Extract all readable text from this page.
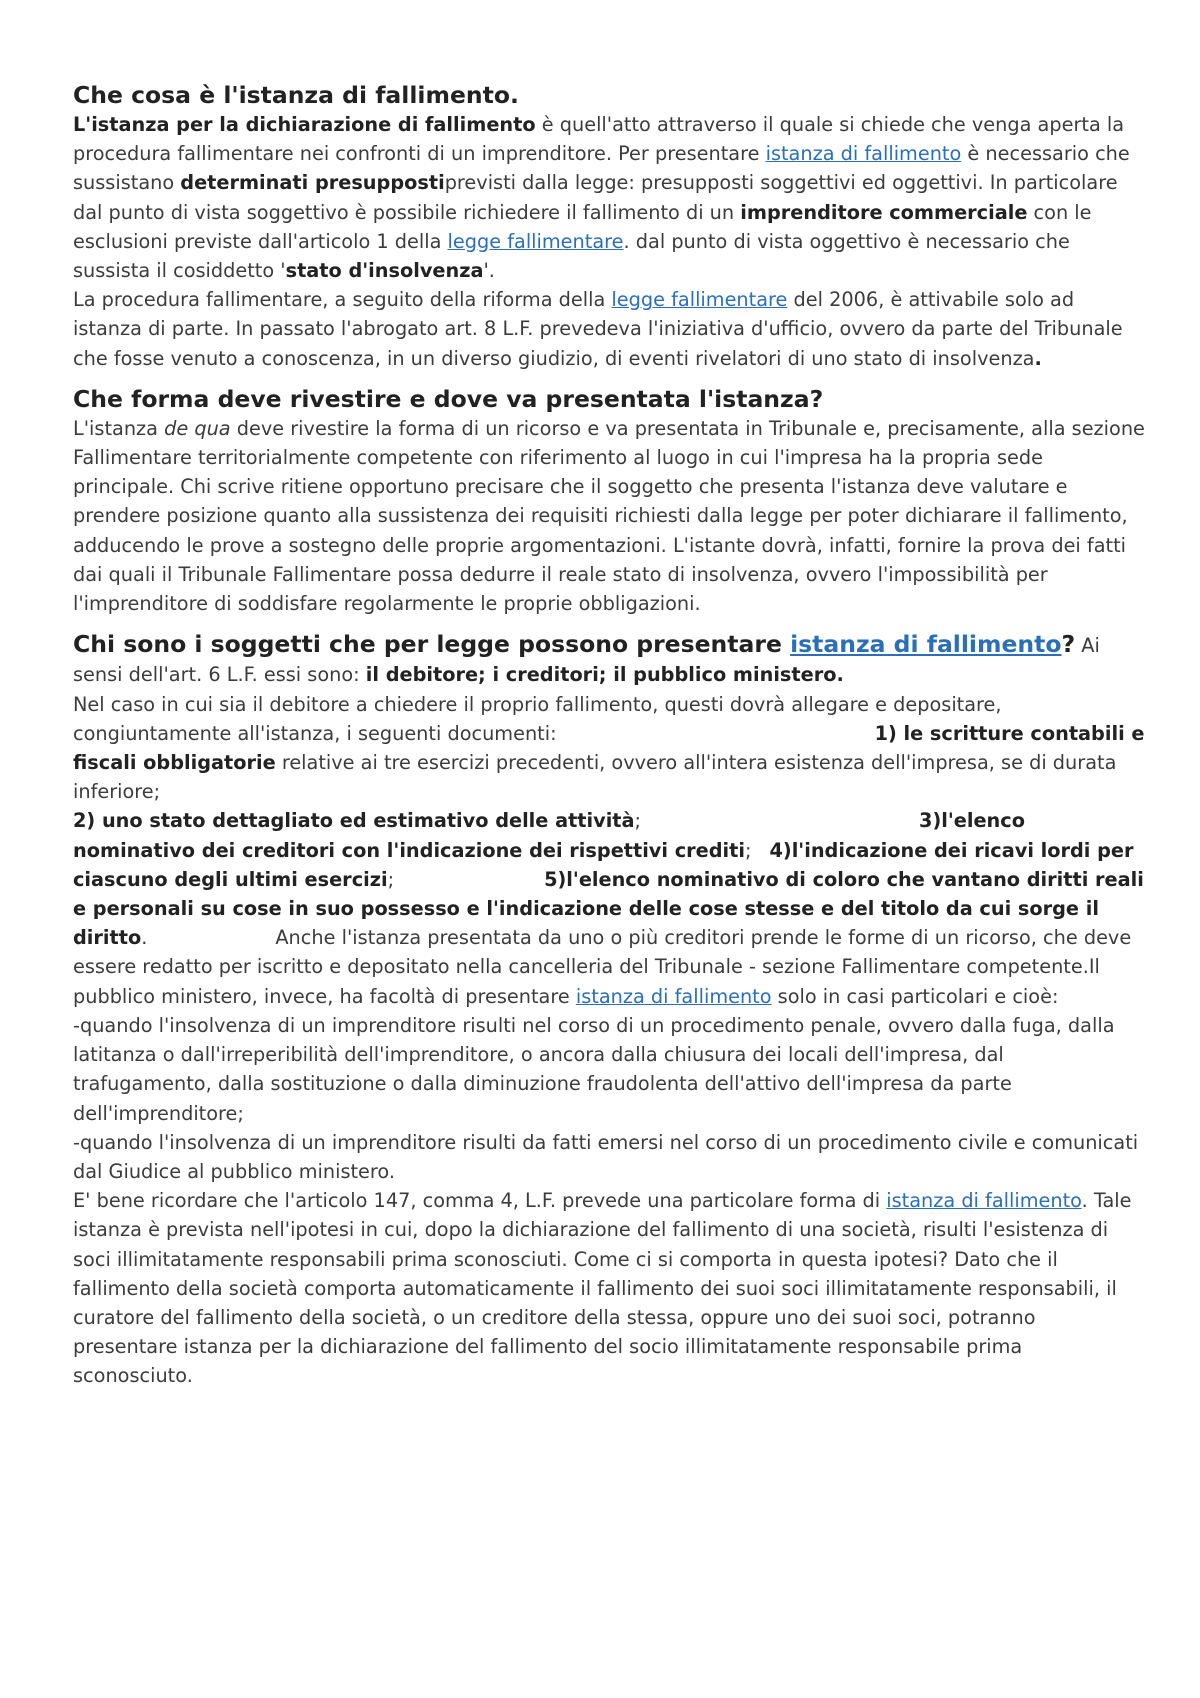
Che cosa è l'istanza di fallimento.

L'istanza per la dichiarazione di fallimento è quell'atto attraverso il quale si chiede che venga aperta la procedura fallimentare nei confronti di un imprenditore. Per presentare istanza di fallimento è necessario che sussistano determinati presuppostiprevisti dalla legge: presupposti soggettivi ed oggettivi. In particolare dal punto di vista soggettivo è possibile richiedere il fallimento di un imprenditore commerciale con le esclusioni previste dall'articolo 1 della legge fallimentare. dal punto di vista oggettivo è necessario che sussista il cosiddetto 'stato d'insolvenza'.

La procedura fallimentare, a seguito della riforma della legge fallimentare del 2006, è attivabile solo ad istanza di parte. In passato l'abrogato art. 8 L.F. prevedeva l'iniziativa d'ufficio, ovvero da parte del Tribunale che fosse venuto a conoscenza, in un diverso giudizio, di eventi rivelatori di uno stato di insolvenza.

Che forma deve rivestire e dove va presentata l'istanza?

L'istanza de qua deve rivestire la forma di un ricorso e va presentata in Tribunale e, precisamente, alla sezione Fallimentare territorialmente competente con riferimento al luogo in cui l'impresa ha la propria sede principale. Chi scrive ritiene opportuno precisare che il soggetto che presenta l'istanza deve valutare e prendere posizione quanto alla sussistenza dei requisiti richiesti dalla legge per poter dichiarare il fallimento, adducendo le prove a sostegno delle proprie argomentazioni. L'istante dovrà, infatti, fornire la prova dei fatti dai quali il Tribunale Fallimentare possa dedurre il reale stato di insolvenza, ovvero l'impossibilità per l'imprenditore di soddisfare regolarmente le proprie obbligazioni.

Chi sono i soggetti che per legge possono presentare istanza di fallimento? Ai sensi dell'art. 6 L.F. essi sono: il debitore; i creditori; il pubblico ministero.

Nel caso in cui sia il debitore a chiedere il proprio fallimento, questi dovrà allegare e depositare, congiuntamente all'istanza, i seguenti documenti:	1) le scritture contabili e fiscali obbligatorie relative ai tre esercizi precedenti, ovvero all'intera esistenza dell'impresa, se di durata inferiore;
2) uno stato dettagliato ed estimativo delle attività;	3)l'elenco nominativo dei creditori con l'indicazione dei rispettivi crediti; 4)l'indicazione dei ricavi lordi per ciascuno degli ultimi esercizi;	5)l'elenco nominativo di coloro che vantano diritti reali e personali su cose in suo possesso e l'indicazione delle cose stesse e del titolo da cui sorge il diritto.	Anche l'istanza presentata da uno o più creditori prende le forme di un ricorso, che deve essere redatto per iscritto e depositato nella cancelleria del Tribunale - sezione Fallimentare competente.Il pubblico ministero, invece, ha facoltà di presentare istanza di fallimento solo in casi particolari e cioè:

-quando l'insolvenza di un imprenditore risulti nel corso di un procedimento penale, ovvero dalla fuga, dalla latitanza o dall'irreperibilità dell'imprenditore, o ancora dalla chiusura dei locali dell'impresa, dal trafugamento, dalla sostituzione o dalla diminuzione fraudolenta dell'attivo dell'impresa da parte dell'imprenditore;

-quando l'insolvenza di un imprenditore risulti da fatti emersi nel corso di un procedimento civile e comunicati dal Giudice al pubblico ministero.

E' bene ricordare che l'articolo 147, comma 4, L.F. prevede una particolare forma di istanza di fallimento. Tale istanza è prevista nell'ipotesi in cui, dopo la dichiarazione del fallimento di una società, risulti l'esistenza di soci illimitatamente responsabili prima sconosciuti. Come ci si comporta in questa ipotesi? Dato che il fallimento della società comporta automaticamente il fallimento dei suoi soci illimitatamente responsabili, il curatore del fallimento della società, o un creditore della stessa, oppure uno dei suoi soci, potranno presentare istanza per la dichiarazione del fallimento del socio illimitatamente responsabile prima sconosciuto.
